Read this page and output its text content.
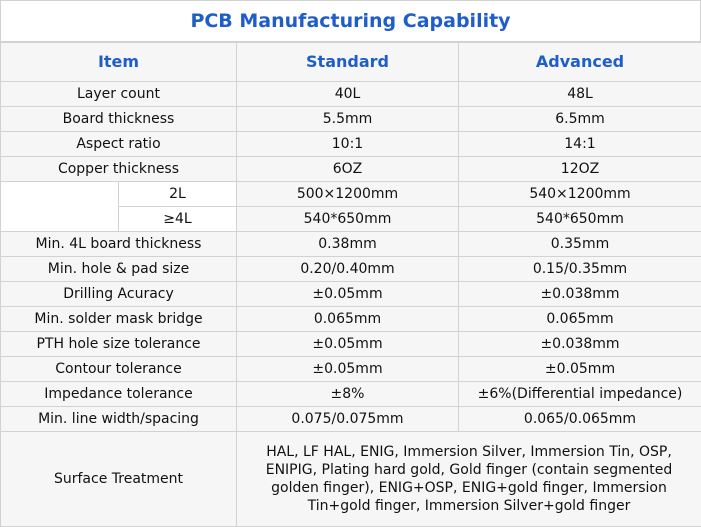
PCB Manufacturing Capability
Item		Standard	Advanced
Layer count		40L	48L
Board thickness		5.5mm	6.5mm
Aspect ratio		10:1	14:1
Copper thickness		6OZ	12OZ
	2L	500×1200mm	540×1200mm
	≥4L	540*650mm	540*650mm
Min. 4L board thickness		0.38mm	0.35mm
Min. hole & pad size		0.20/0.40mm	0.15/0.35mm
Drilling Acuracy		±0.05mm	±0.038mm
Min. solder mask bridge		0.065mm	0.065mm
PTH hole size tolerance		±0.05mm	±0.038mm
Contour tolerance		±0.05mm	±0.05mm
Impedance tolerance		±8%	±6%(Differential impedance)
Min. line width/spacing		0.075/0.075mm	0.065/0.065mm
Surface Treatment		HAL, LF HAL, ENIG, Immersion Silver, Immersion Tin, OSP, ENIPIG, Plating hard gold, Gold finger (contain segmented golden finger), ENIG+OSP, ENIG+gold finger, Immersion Tin+gold finger, Immersion Silver+gold finger	
